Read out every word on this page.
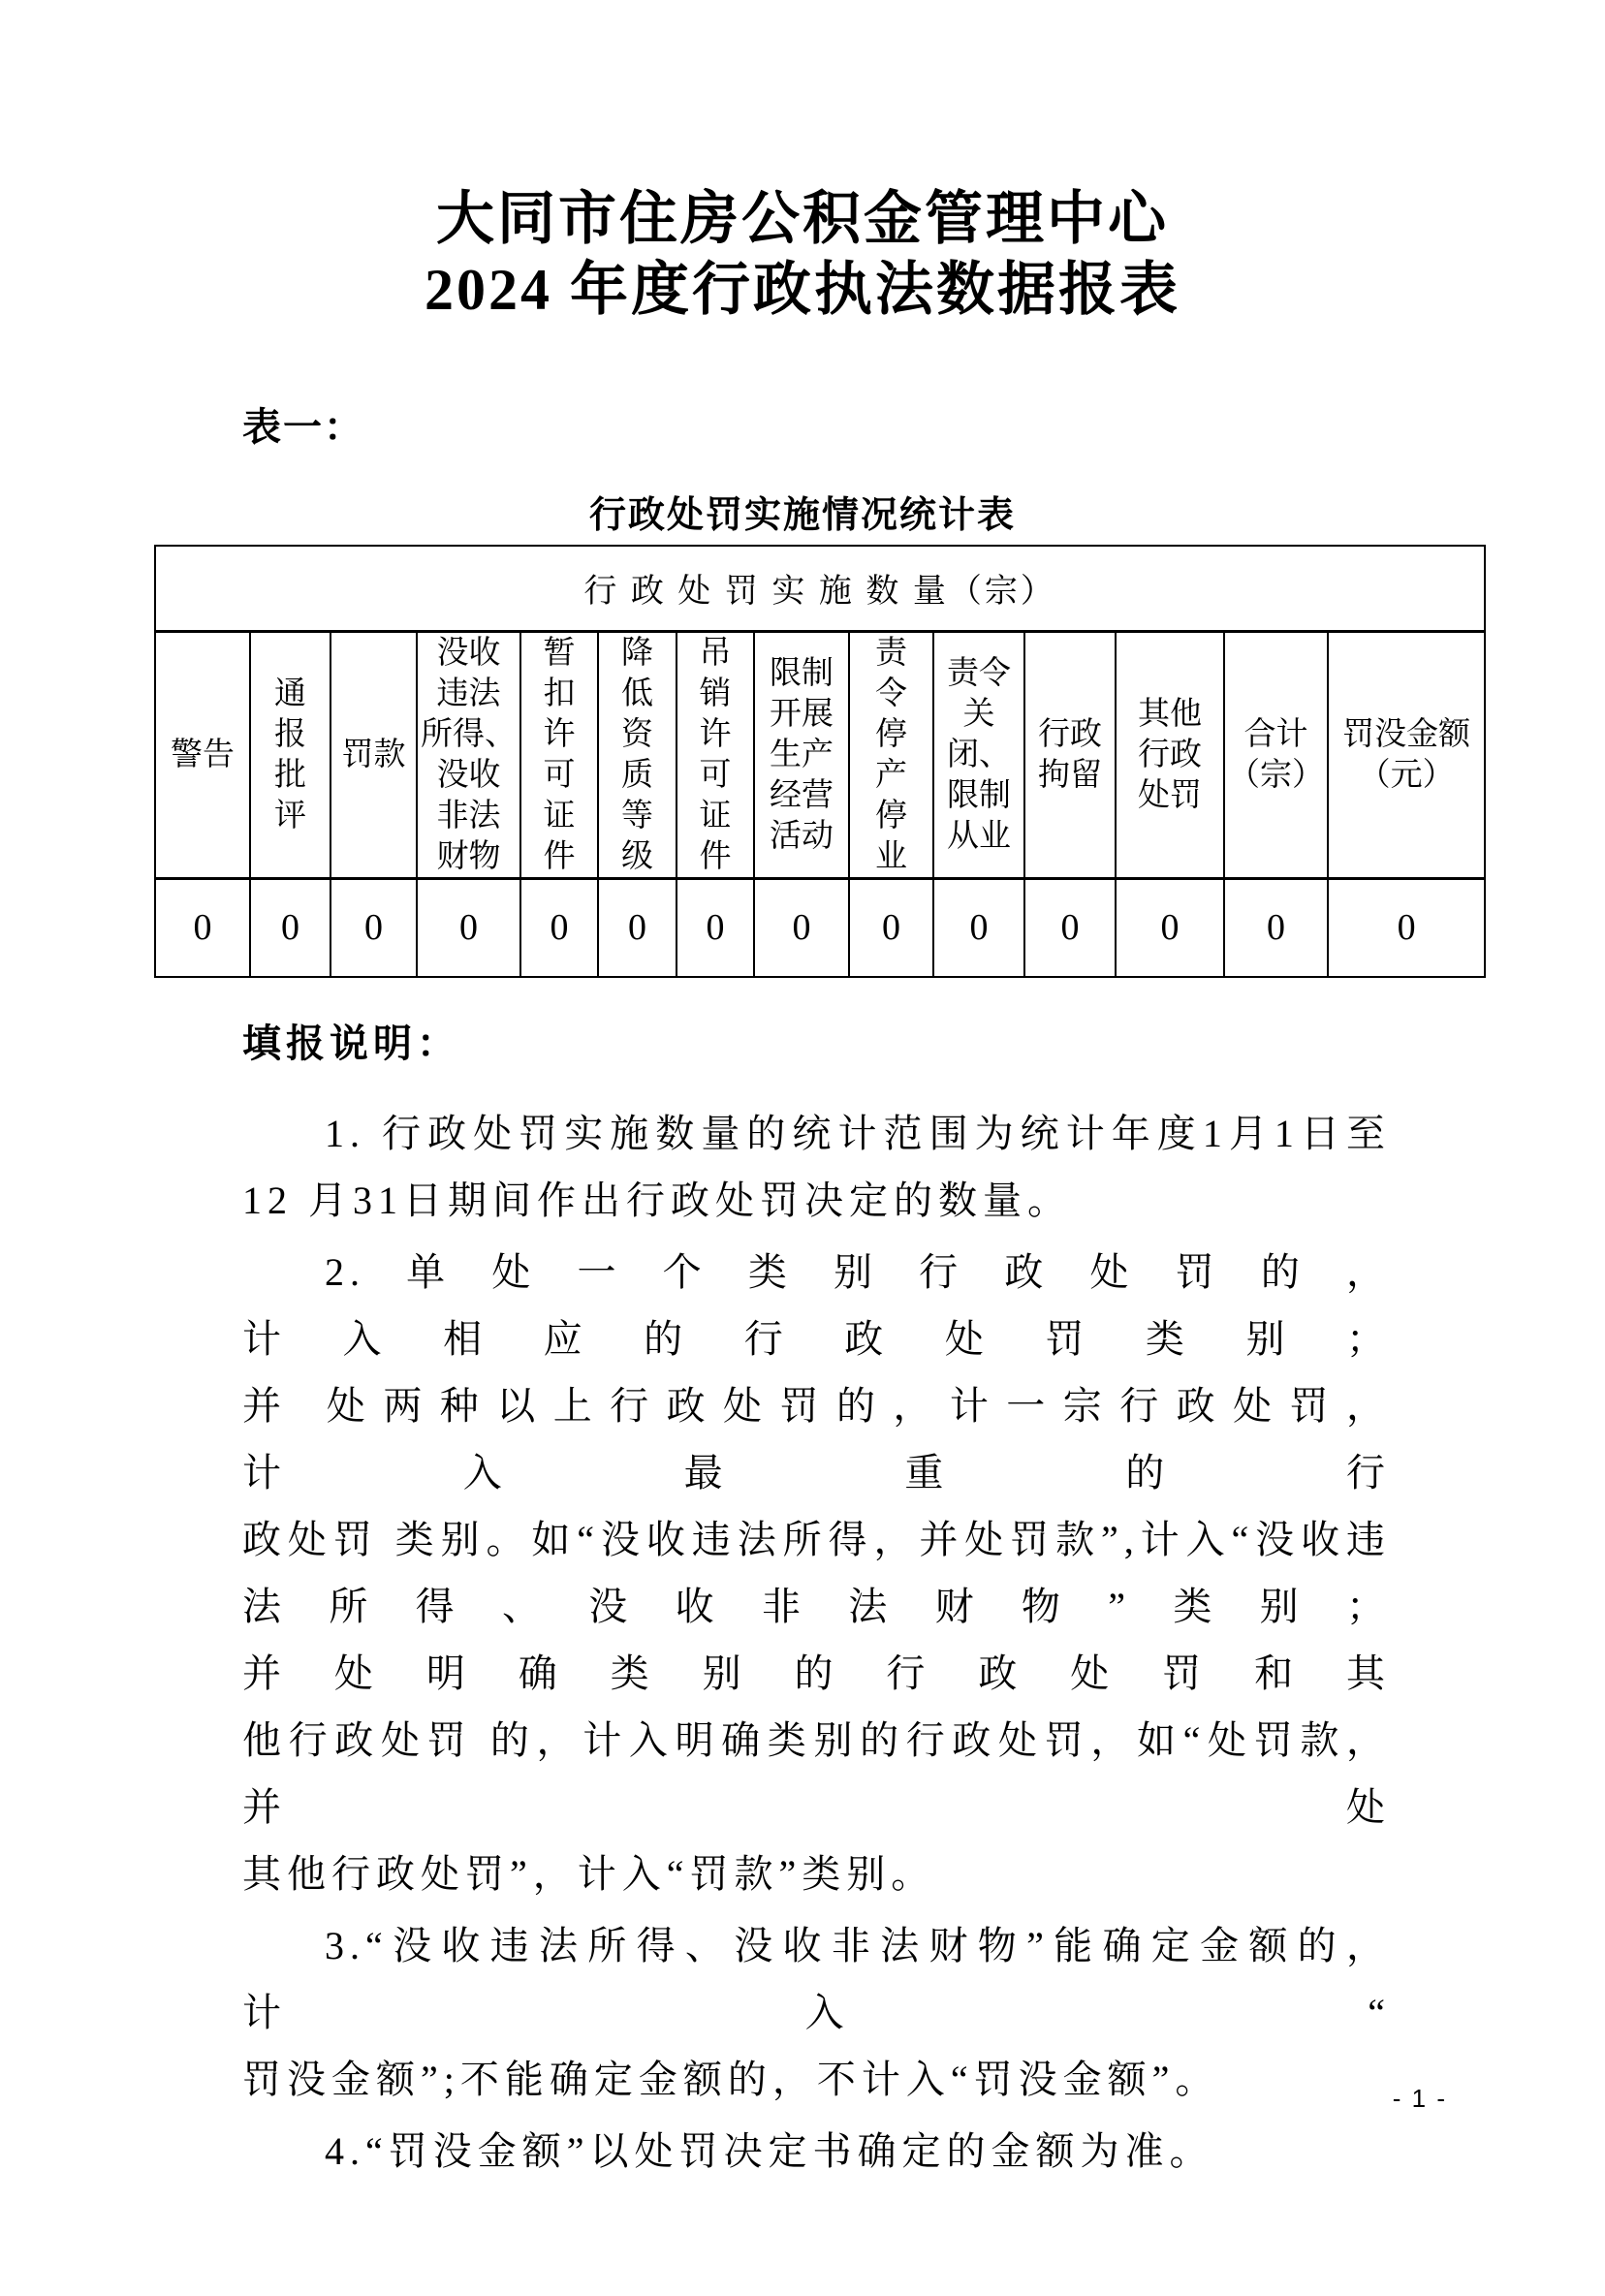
大同市住房公积金管理中心
2024 年度行政执法数据报表
表一：
行政处罚实施情况统计表
行 政 处 罚 实 施 数 量（宗）													
警告	通
报
批
评	罚款	没收
违法
所得、
没收
非法
财物	暂
扣
许
可
证
件	降
低
资
质
等
级	吊
销
许
可
证
件	限制
开展
生产
经营
活动	责
令
停
产
停
业	责令
关
闭、
限制
从业	行政
拘留	其他
行政
处罚	合计
（宗）	罚没金额
（元）
0	0	0	0	0	0	0	0	0	0	0	0	0	0
填报说明：
1. 行政处罚实施数量的统计范围为统计年度1月1日至
12 月31日期间作出行政处罚决定的数量。
2.单处一个类别行政处罚的，计入相应的行政处罚类别；
并 处两种以上行政处罚的，计一宗行政处罚，计入最重的行
政处罚 类别。如“没收违法所得，并处罚款”,计入“没收违
法所得、没收非法财物”类别；并处明确类别的行政处罚和其
他行政处罚 的，计入明确类别的行政处罚，如“处罚款，并处
其他行政处罚”，计入“罚款”类别。
3.“没收违法所得、没收非法财物”能确定金额的，计入“
罚没金额”;不能确定金额的，不计入“罚没金额”。
4.“罚没金额”以处罚决定书确定的金额为准。
- 1 -
